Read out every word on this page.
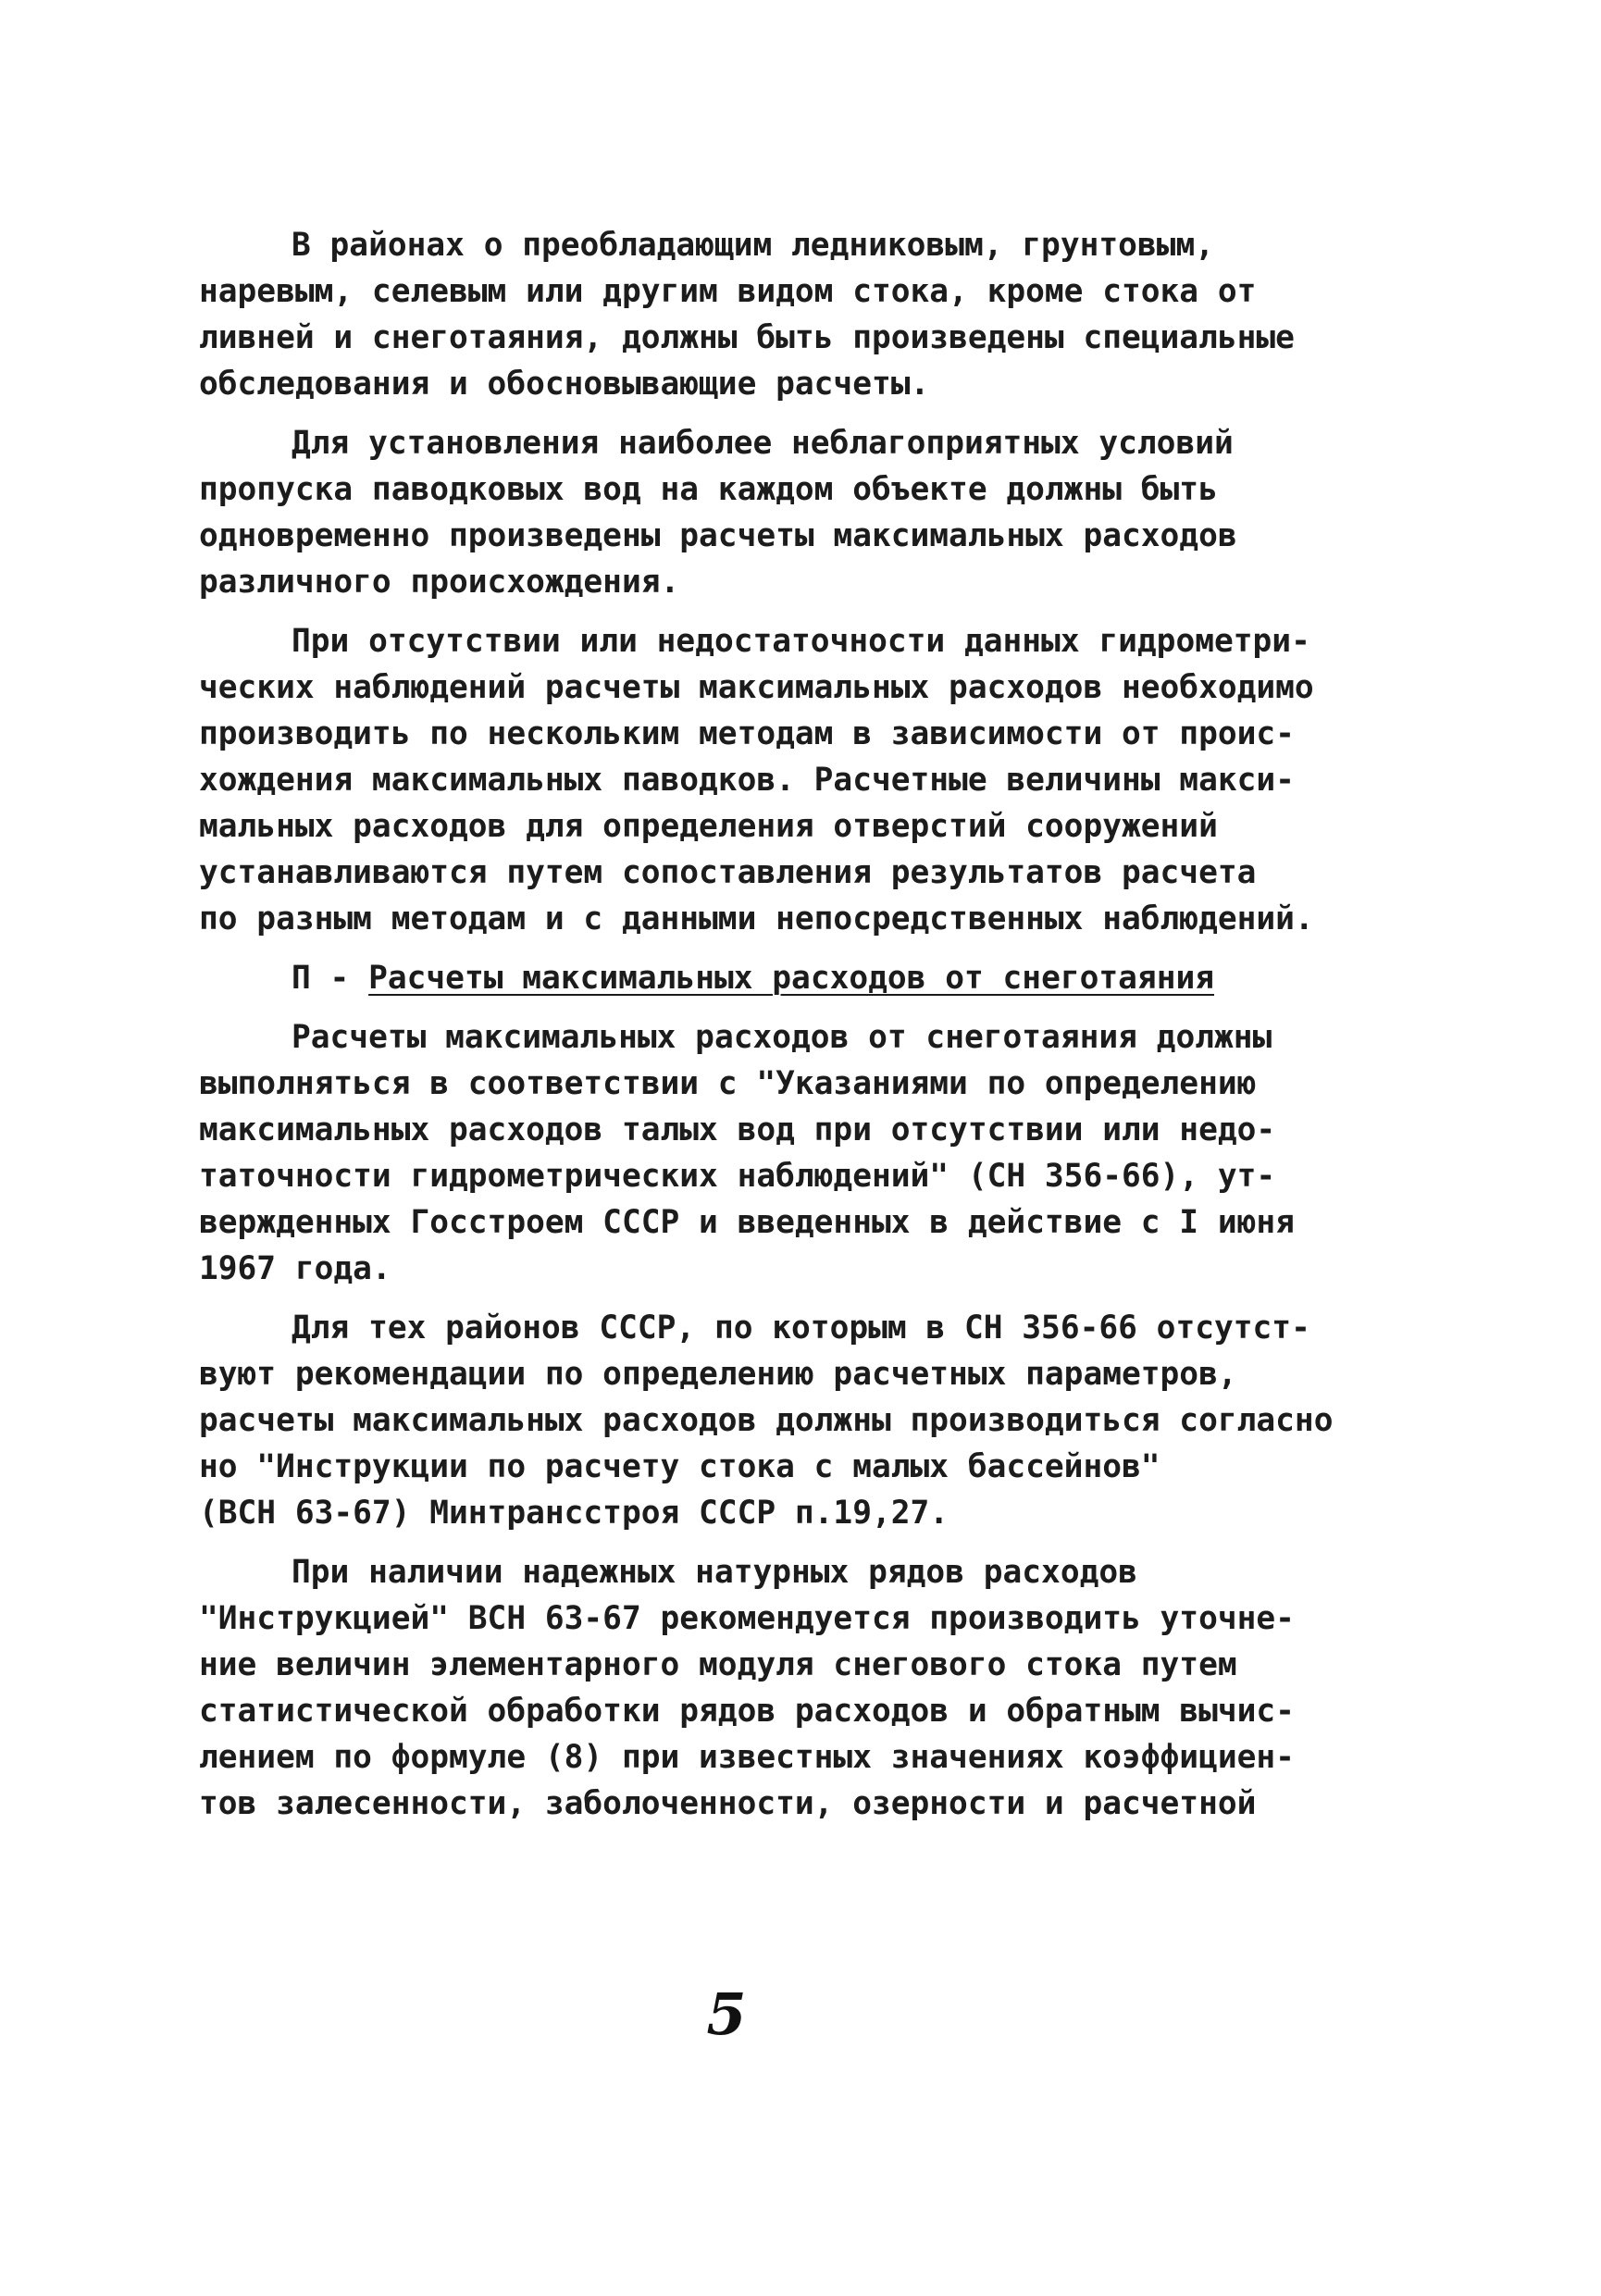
В районах о преобладающим ледниковым, грунтовым,
наревым, селевым или другим видом стока, кроме стока от
ливней и снеготаяния, должны быть произведены специальные
обследования и обосновывающие расчеты.
Для установления наиболее неблагоприятных условий
пропуска паводковых вод на каждом объекте должны быть
одновременно произведены расчеты максимальных расходов
различного происхождения.
При отсутствии или недостаточности данных гидрометри-
ческих наблюдений расчеты максимальных расходов необходимо
производить по нескольким методам в зависимости от проис-
хождения максимальных паводков. Расчетные величины макси-
мальных расходов для определения отверстий сооружений
устанавливаются путем сопоставления результатов расчета
по разным методам и с данными непосредственных наблюдений.
П - Расчеты максимальных расходов от снеготаяния
Расчеты максимальных расходов от снеготаяния должны
выполняться в соответствии с "Указаниями по определению
максимальных расходов талых вод при отсутствии или недо-
таточности гидрометрических наблюдений" (СН 356-66), ут-
вержденных Госстроем СССР и введенных в действие с I июня
1967 года.
Для тех районов СССР, по которым в СН 356-66 отсутст-
вуют рекомендации по определению расчетных параметров,
расчеты максимальных расходов должны производиться согласно
но "Инструкции по расчету стока с малых бассейнов"
(ВСН 63-67) Минтрансстроя СССР п.19,27.
При наличии надежных натурных рядов расходов
"Инструкцией" ВСН 63-67 рекомендуется производить уточне-
ние величин элементарного модуля снегового стока путем
статистической обработки рядов расходов и обратным вычис-
лением по формуле (8) при известных значениях коэффициен-
тов залесенности, заболоченности, озерности и расчетной
5
